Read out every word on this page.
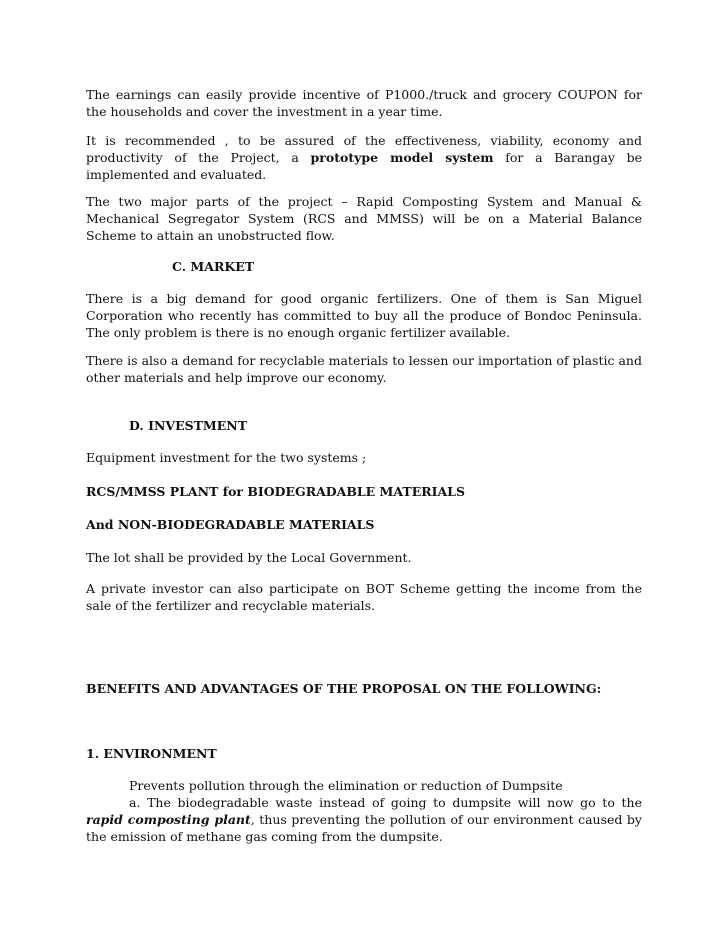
The earnings can easily provide incentive of P1000./truck and grocery COUPON for the households and cover the investment in a year time.

It is recommended , to be assured of the effectiveness, viability, economy and productivity of the Project, a prototype model system for a Barangay be implemented and evaluated.

The two major parts of the project – Rapid Composting System and Manual & Mechanical Segregator System (RCS and MMSS) will be on a Material Balance Scheme to attain an unobstructed flow.

C. MARKET

There is a big demand for good organic fertilizers. One of them is San Miguel Corporation who recently has committed to buy all the produce of Bondoc Peninsula. The only problem is there is no enough organic fertilizer available.

There is also a demand for recyclable materials to lessen our importation of plastic and other materials and help improve our economy.

D. INVESTMENT

Equipment investment for the two systems ;

RCS/MMSS PLANT for BIODEGRADABLE MATERIALS

And NON-BIODEGRADABLE MATERIALS

The lot shall be provided by the Local Government.

A private investor can also participate on BOT Scheme getting the income from the sale of the fertilizer and recyclable materials.

BENEFITS AND ADVANTAGES OF THE PROPOSAL ON THE FOLLOWING:

1. ENVIRONMENT

Prevents pollution through the elimination or reduction of Dumpsite

a. The biodegradable waste instead of going to dumpsite will now go to the rapid composting plant, thus preventing the pollution of our environment caused by the emission of methane gas coming from the dumpsite.
